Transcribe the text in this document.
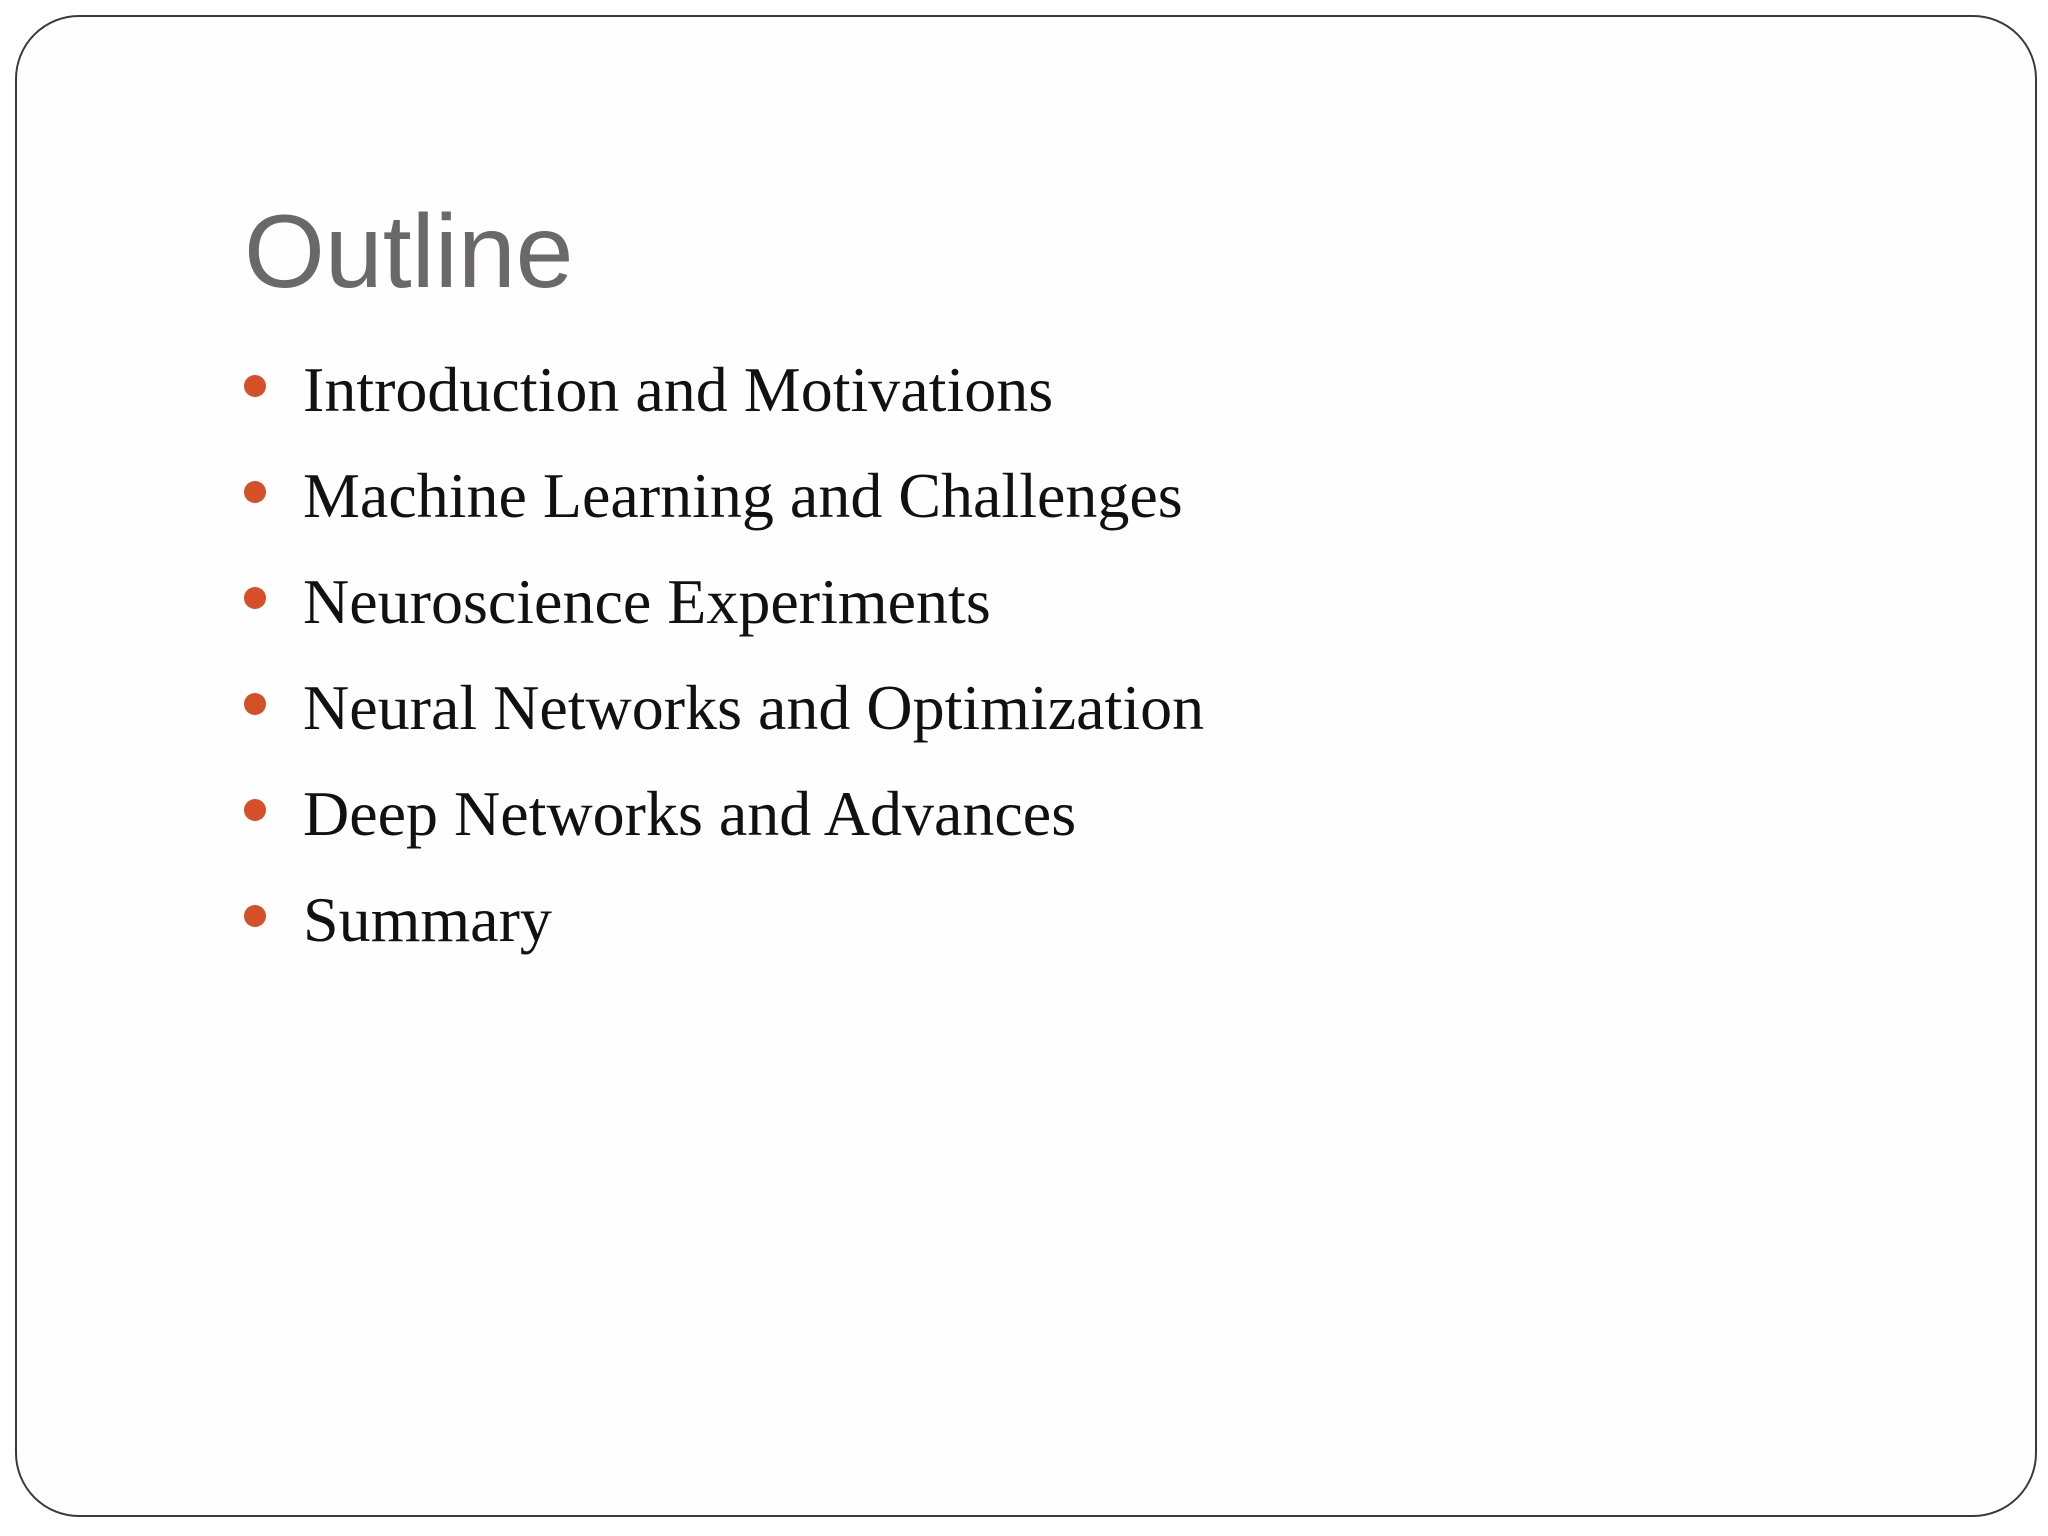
Outline
Introduction and Motivations
Machine Learning and Challenges
Neuroscience Experiments
Neural Networks and Optimization
Deep Networks and Advances
Summary
